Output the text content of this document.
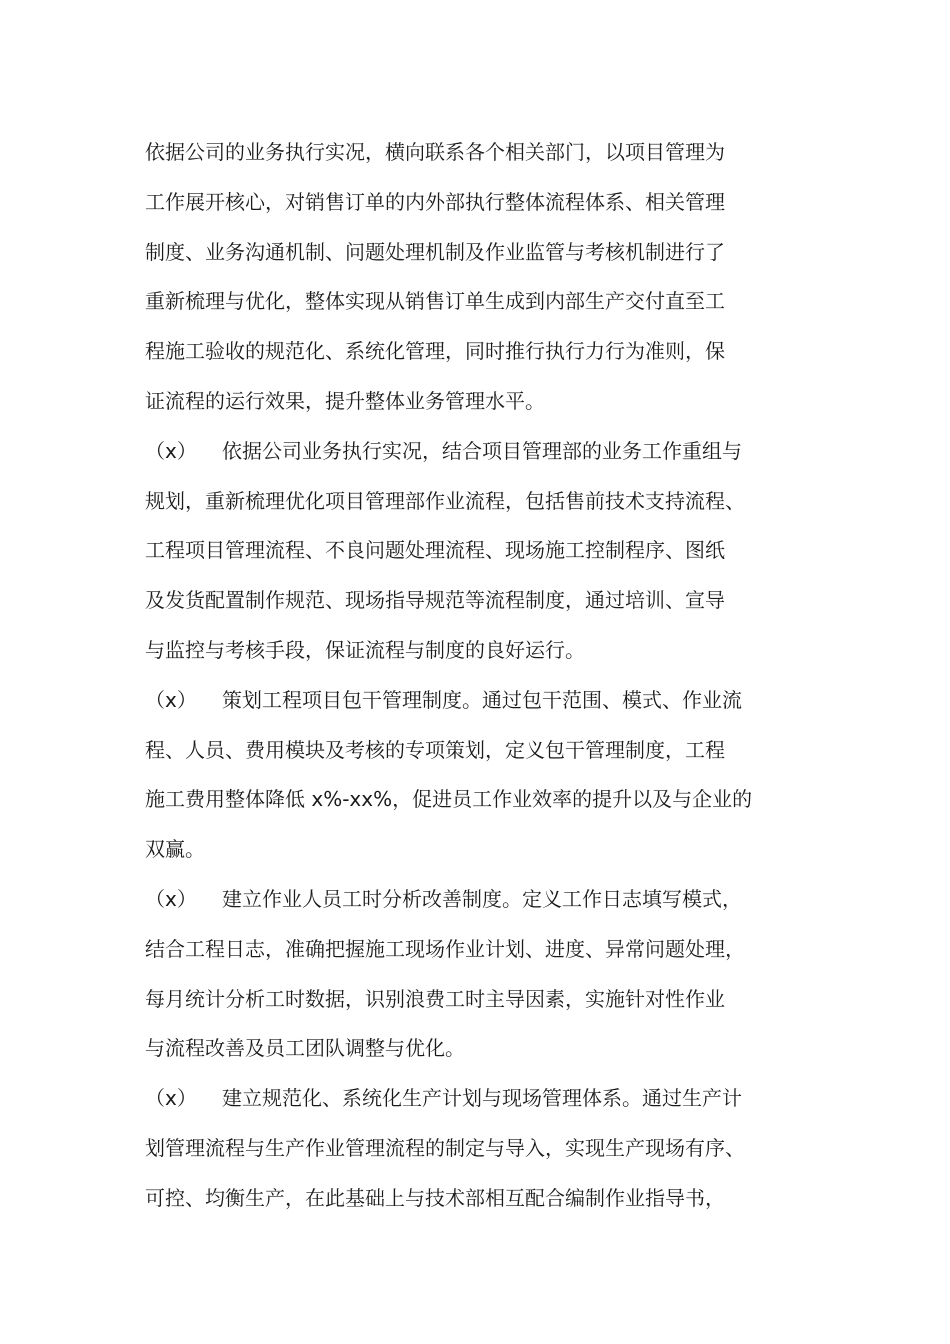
依据公司的业务执行实况，横向联系各个相关部门，以项目管理为
工作展开核心，对销售订单的内外部执行整体流程体系、相关管理
制度、业务沟通机制、问题处理机制及作业监管与考核机制进行了
重新梳理与优化，整体实现从销售订单生成到内部生产交付直至工
程施工验收的规范化、系统化管理，同时推行执行力行为准则，保
证流程的运行效果，提升整体业务管理水平。
（x） 依据公司业务执行实况，结合项目管理部的业务工作重组与
规划，重新梳理优化项目管理部作业流程，包括售前技术支持流程、
工程项目管理流程、不良问题处理流程、现场施工控制程序、图纸
及发货配置制作规范、现场指导规范等流程制度，通过培训、宣导
与监控与考核手段，保证流程与制度的良好运行。
（x） 策划工程项目包干管理制度。通过包干范围、模式、作业流
程、人员、费用模块及考核的专项策划，定义包干管理制度，工程
施工费用整体降低 x%-xx%，促进员工作业效率的提升以及与企业的
双赢。
（x） 建立作业人员工时分析改善制度。定义工作日志填写模式，
结合工程日志，准确把握施工现场作业计划、进度、异常问题处理，
每月统计分析工时数据，识别浪费工时主导因素，实施针对性作业
与流程改善及员工团队调整与优化。
（x） 建立规范化、系统化生产计划与现场管理体系。通过生产计
划管理流程与生产作业管理流程的制定与导入，实现生产现场有序、
可控、均衡生产，在此基础上与技术部相互配合编制作业指导书，
